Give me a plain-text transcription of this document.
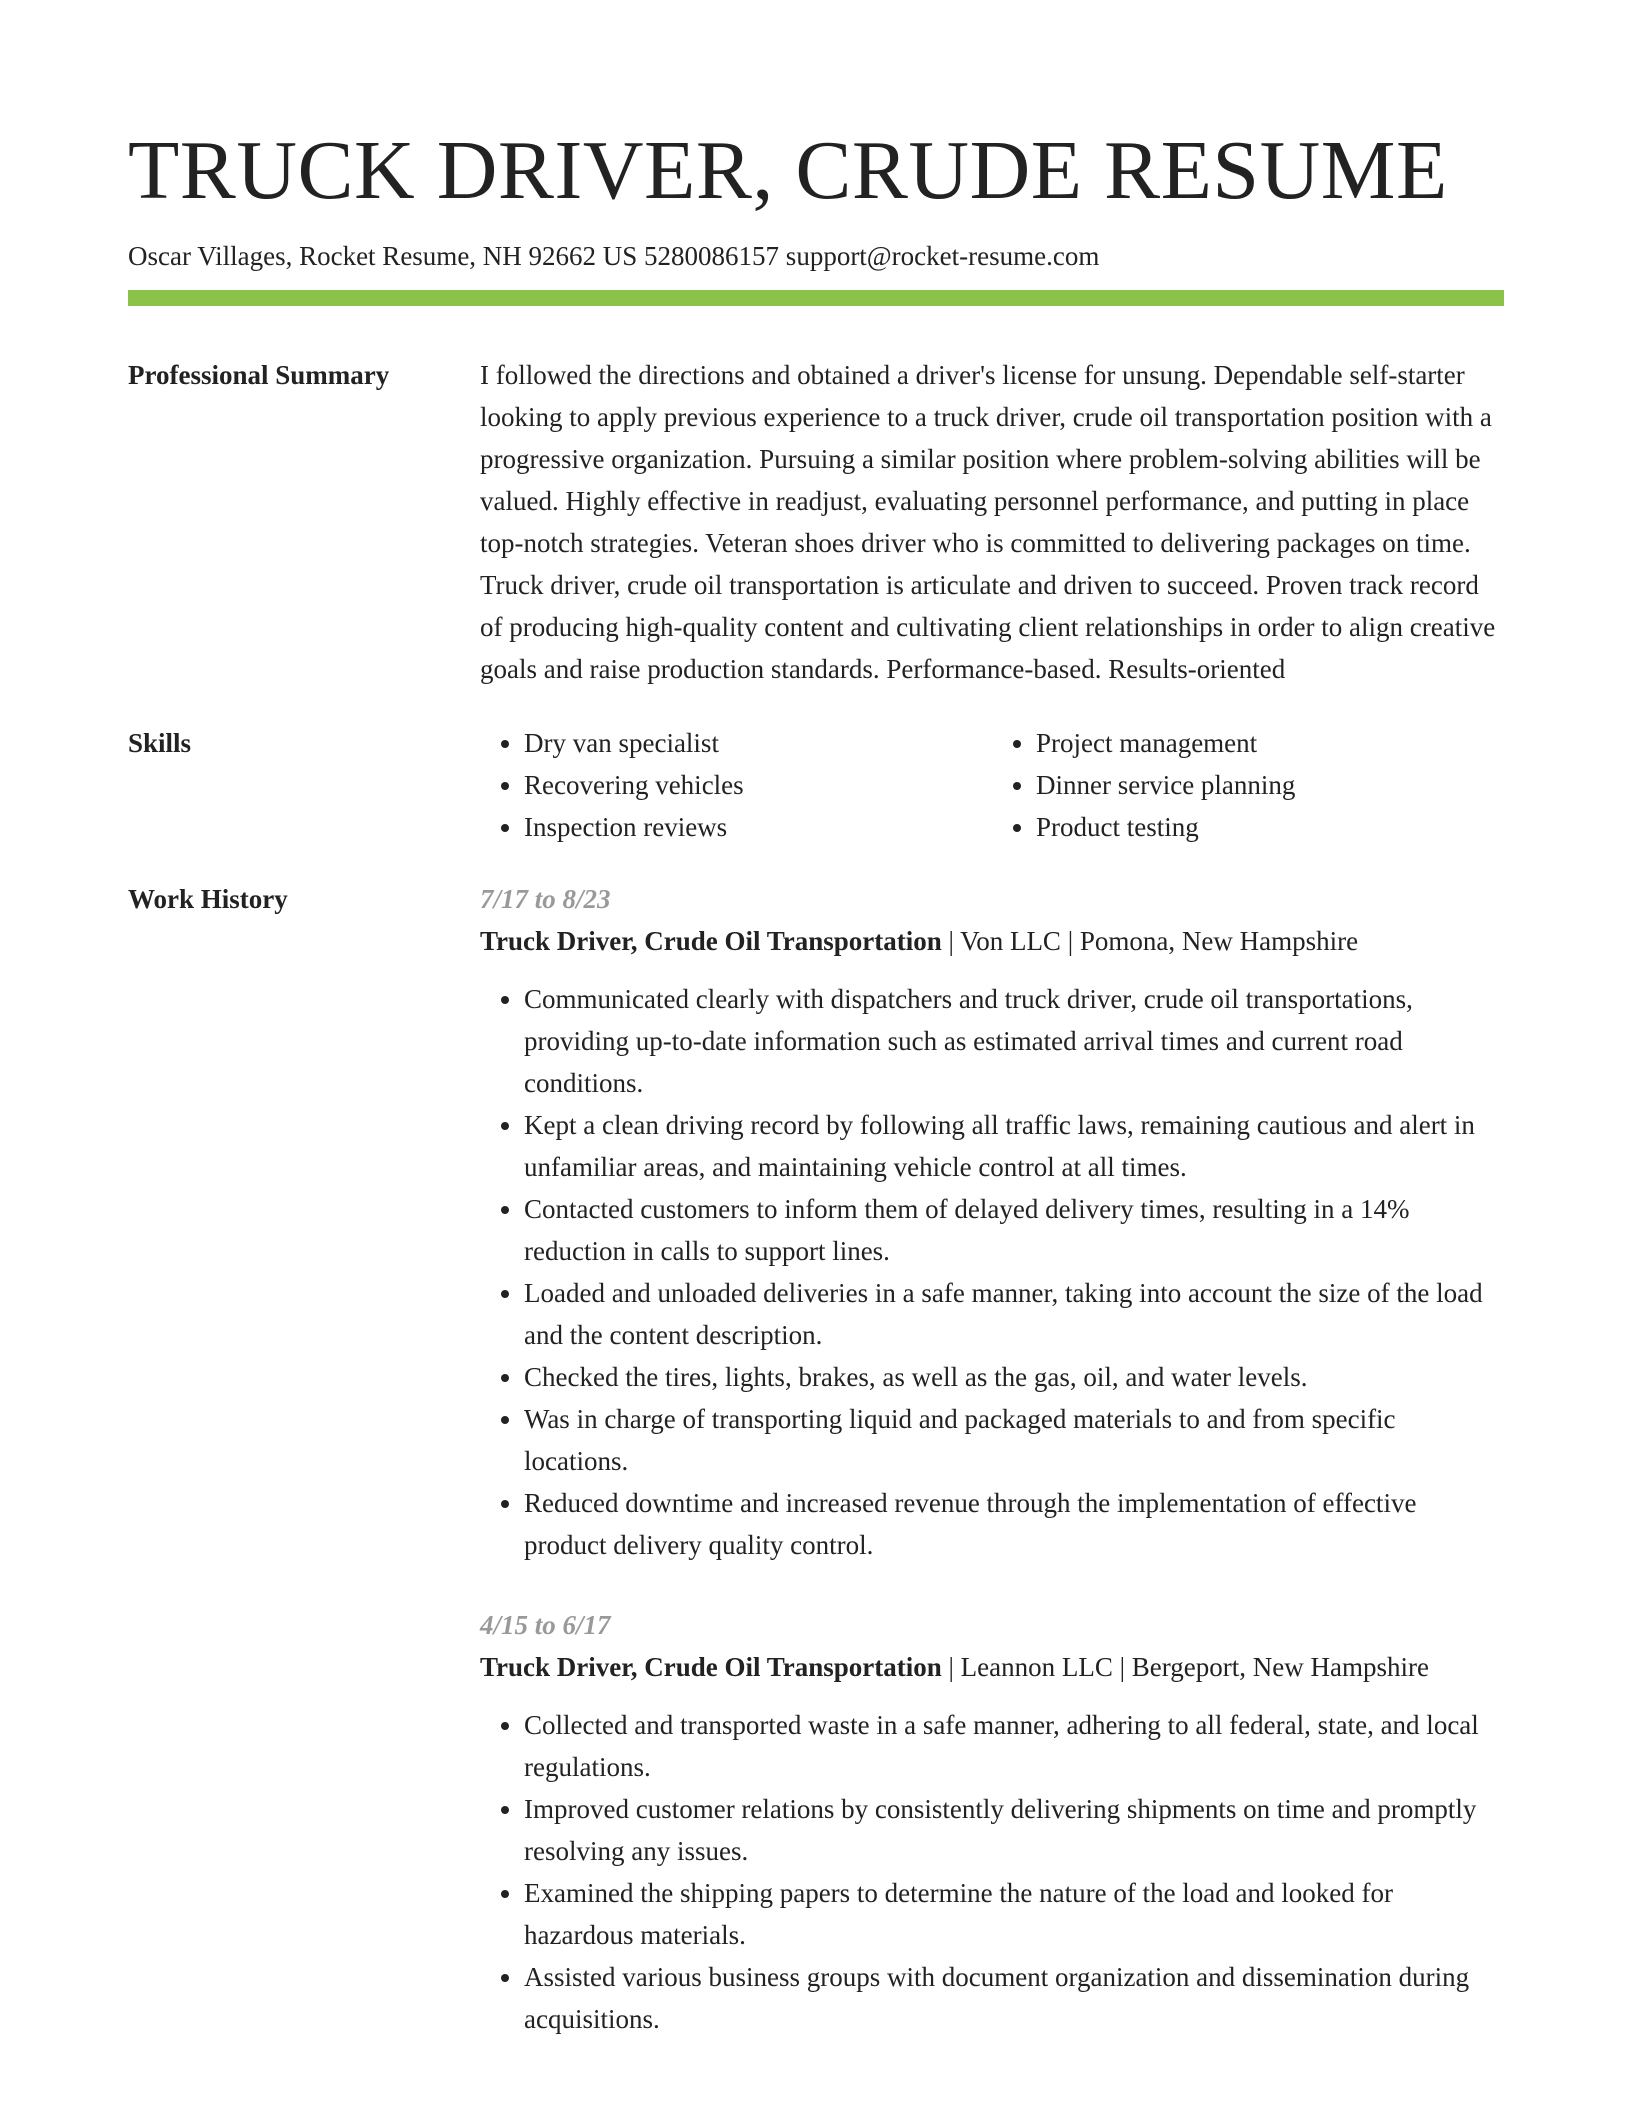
TRUCK DRIVER, CRUDE RESUME
Oscar Villages, Rocket Resume, NH 92662 US 5280086157 support@rocket-resume.com
Professional Summary	I followed the directions and obtained a driver's license for unsung. Dependable self-starter looking to apply previous experience to a truck driver, crude oil transportation position with a progressive organization. Pursuing a similar position where problem-solving abilities will be valued. Highly effective in readjust, evaluating personnel performance, and putting in place top-notch strategies. Veteran shoes driver who is committed to delivering packages on time. Truck driver, crude oil transportation is articulate and driven to succeed. Proven track record of producing high-quality content and cultivating client relationships in order to align creative goals and raise production standards. Performance-based. Results-oriented

Skills
•	Dry van specialist
• Recovering vehicles
• Inspection reviews
• Project management
• Dinner service planning
• Product testing
Work History	7/17 to 8/23
Truck Driver, Crude Oil Transportation | Von LLC | Pomona, New Hampshire
• Communicated clearly with dispatchers and truck driver, crude oil transportations, providing up-to-date information such as estimated arrival times and current road conditions.
• Kept a clean driving record by following all traffic laws, remaining cautious and alert in unfamiliar areas, and maintaining vehicle control at all times.
• Contacted customers to inform them of delayed delivery times, resulting in a 14% reduction in calls to support lines.
• Loaded and unloaded deliveries in a safe manner, taking into account the size of the load and the content description.
• Checked the tires, lights, brakes, as well as the gas, oil, and water levels.
• Was in charge of transporting liquid and packaged materials to and from specific locations.
• Reduced downtime and increased revenue through the implementation of effective product delivery quality control.
4/15 to 6/17
Truck Driver, Crude Oil Transportation | Leannon LLC | Bergeport, New Hampshire
• Collected and transported waste in a safe manner, adhering to all federal, state, and local regulations.
• Improved customer relations by consistently delivering shipments on time and promptly resolving any issues.
• Examined the shipping papers to determine the nature of the load and looked for hazardous materials.
• Assisted various business groups with document organization and dissemination during acquisitions.
